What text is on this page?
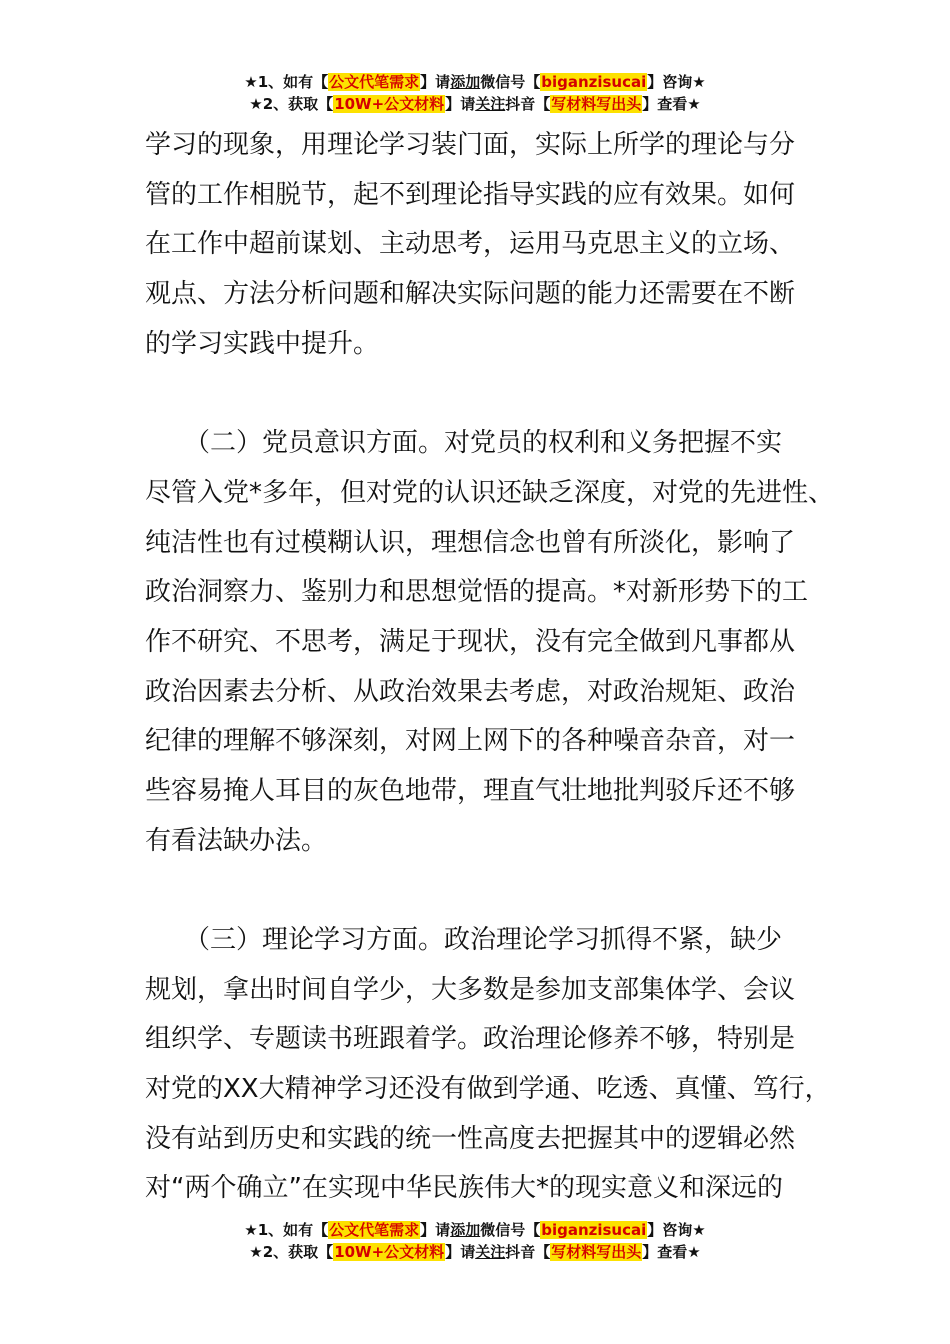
★1、如有【公文代笔需求】请添加微信号【biganzisucai】咨询★
★2、获取【10W+公文材料】请关注抖音【写材料写出头】查看★
学习的现象，用理论学习装门面，实际上所学的理论与分
管的工作相脱节，起不到理论指导实践的应有效果。如何
在工作中超前谋划、主动思考，运用马克思主义的立场、
观点、方法分析问题和解决实际问题的能力还需要在不断
的学习实践中提升。
　　（二）党员意识方面。对党员的权利和义务把握不实
尽管入党*多年，但对党的认识还缺乏深度，对党的先进性、
纯洁性也有过模糊认识，理想信念也曾有所淡化，影响了
政治洞察力、鉴别力和思想觉悟的提高。*对新形势下的工
作不研究、不思考，满足于现状，没有完全做到凡事都从
政治因素去分析、从政治效果去考虑，对政治规矩、政治
纪律的理解不够深刻，对网上网下的各种噪音杂音，对一
些容易掩人耳目的灰色地带，理直气壮地批判驳斥还不够
有看法缺办法。
　　（三）理论学习方面。政治理论学习抓得不紧，缺少
规划，拿出时间自学少，大多数是参加支部集体学、会议
组织学、专题读书班跟着学。政治理论修养不够，特别是
对党的XX大精神学习还没有做到学通、吃透、真懂、笃行，
没有站到历史和实践的统一性高度去把握其中的逻辑必然
对“两个确立”在实现中华民族伟大*的现实意义和深远的
★1、如有【公文代笔需求】请添加微信号【biganzisucai】咨询★
★2、获取【10W+公文材料】请关注抖音【写材料写出头】查看★
